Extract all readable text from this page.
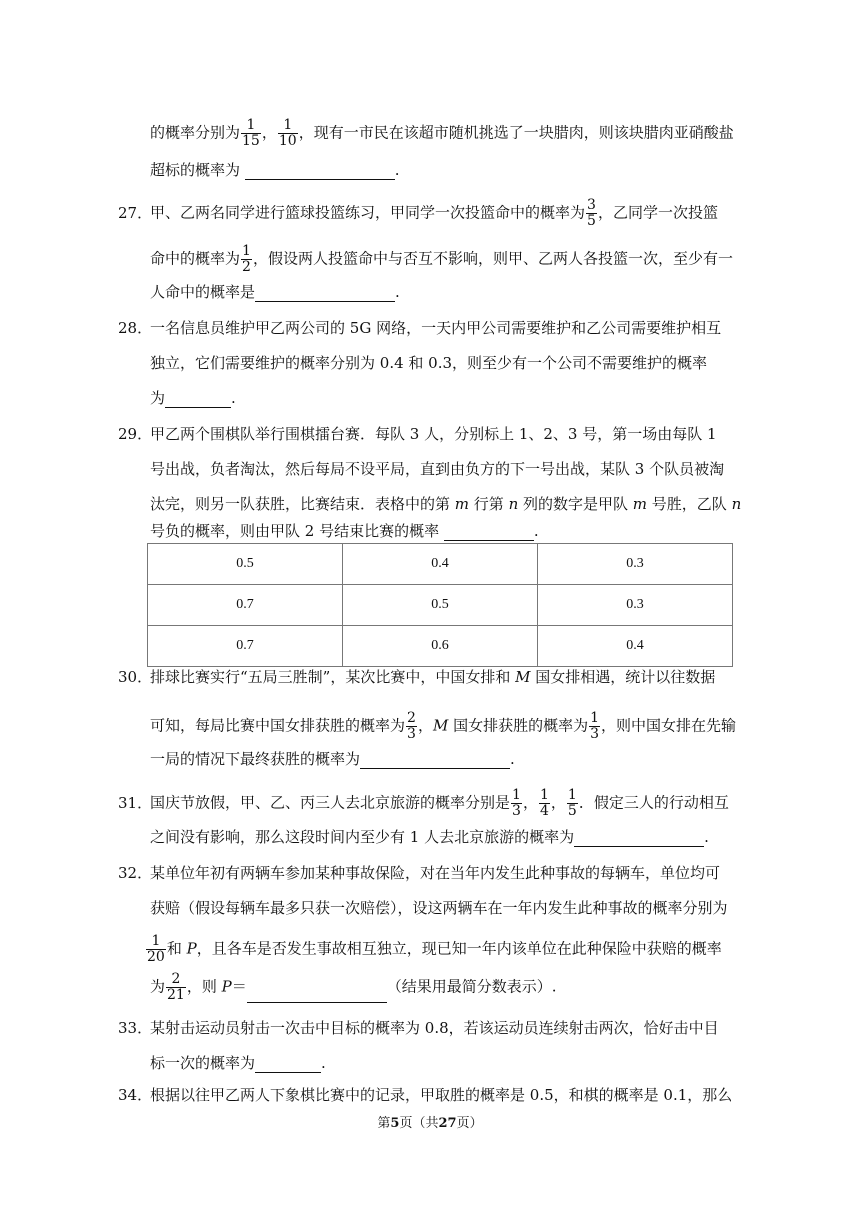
的概率分别为 $\frac{1}{15}$ ， $\frac{1}{10}$ ，现有一市民在该超市随机挑选了一块腊肉，则该块腊肉亚硝酸盐
超标的概率为	.
27．甲、乙两名同学进行篮球投篮练习，甲同学一次投篮命中的概率为 $\frac{3}{5}$ ，乙同学一次投篮
命中的概率为 $\frac{1}{2}$ ，假设两人投篮命中与否互不影响，则甲、乙两人各投篮一次，至少有一
人命中的概率是	.
28．一名信息员维护甲乙两公司的 5G 网络，一天内甲公司需要维护和乙公司需要维护相互
独立，它们需要维护的概率分别为 0.4 和 0.3，则至少有一个公司不需要维护的概率
为	.
29．甲乙两个围棋队举行围棋擂台赛．每队 3 人，分别标上 1、2、3 号，第一场由每队 1
号出战，负者淘汰，然后每局不设平局，直到由负方的下一号出战，某队 3 个队员被淘
汰完，则另一队获胜，比赛结束．表格中的第 m 行第 n 列的数字是甲队 m 号胜，乙队 n
号负的概率，则由甲队 2 号结束比赛的概率	.
0.5	0.4	0.3
0.7	0.5	0.3
0.7	0.6	0.4
30．排球比赛实行“五局三胜制”，某次比赛中，中国女排和 M 国女排相遇，统计以往数据
可知，每局比赛中国女排获胜的概率为 $\frac{2}{3}$ ，M 国女排获胜的概率为 $\frac{1}{3}$ ，则中国女排在先输
一局的情况下最终获胜的概率为	.
31．国庆节放假，甲、乙、丙三人去北京旅游的概率分别是 $\frac{1}{3}$ ， $\frac{1}{4}$ ， $\frac{1}{5}$ ．假定三人的行动相互
之间没有影响，那么这段时间内至少有 1 人去北京旅游的概率为	.
32．某单位年初有两辆车参加某种事故保险，对在当年内发生此种事故的每辆车，单位均可
获赔（假设每辆车最多只获一次赔偿），设这两辆车在一年内发生此种事故的概率分别为
$\frac{1}{20}$ 和 P，且各车是否发生事故相互独立，现已知一年内该单位在此种保险中获赔的概率
为 $\frac{2}{21}$ ，则 P＝	（结果用最简分数表示）.
33．某射击运动员射击一次击中目标的概率为 0.8，若该运动员连续射击两次，恰好击中目
标一次的概率为	.
34．根据以往甲乙两人下象棋比赛中的记录，甲取胜的概率是 0.5，和棋的概率是 0.1，那么
第5页（共27页）
